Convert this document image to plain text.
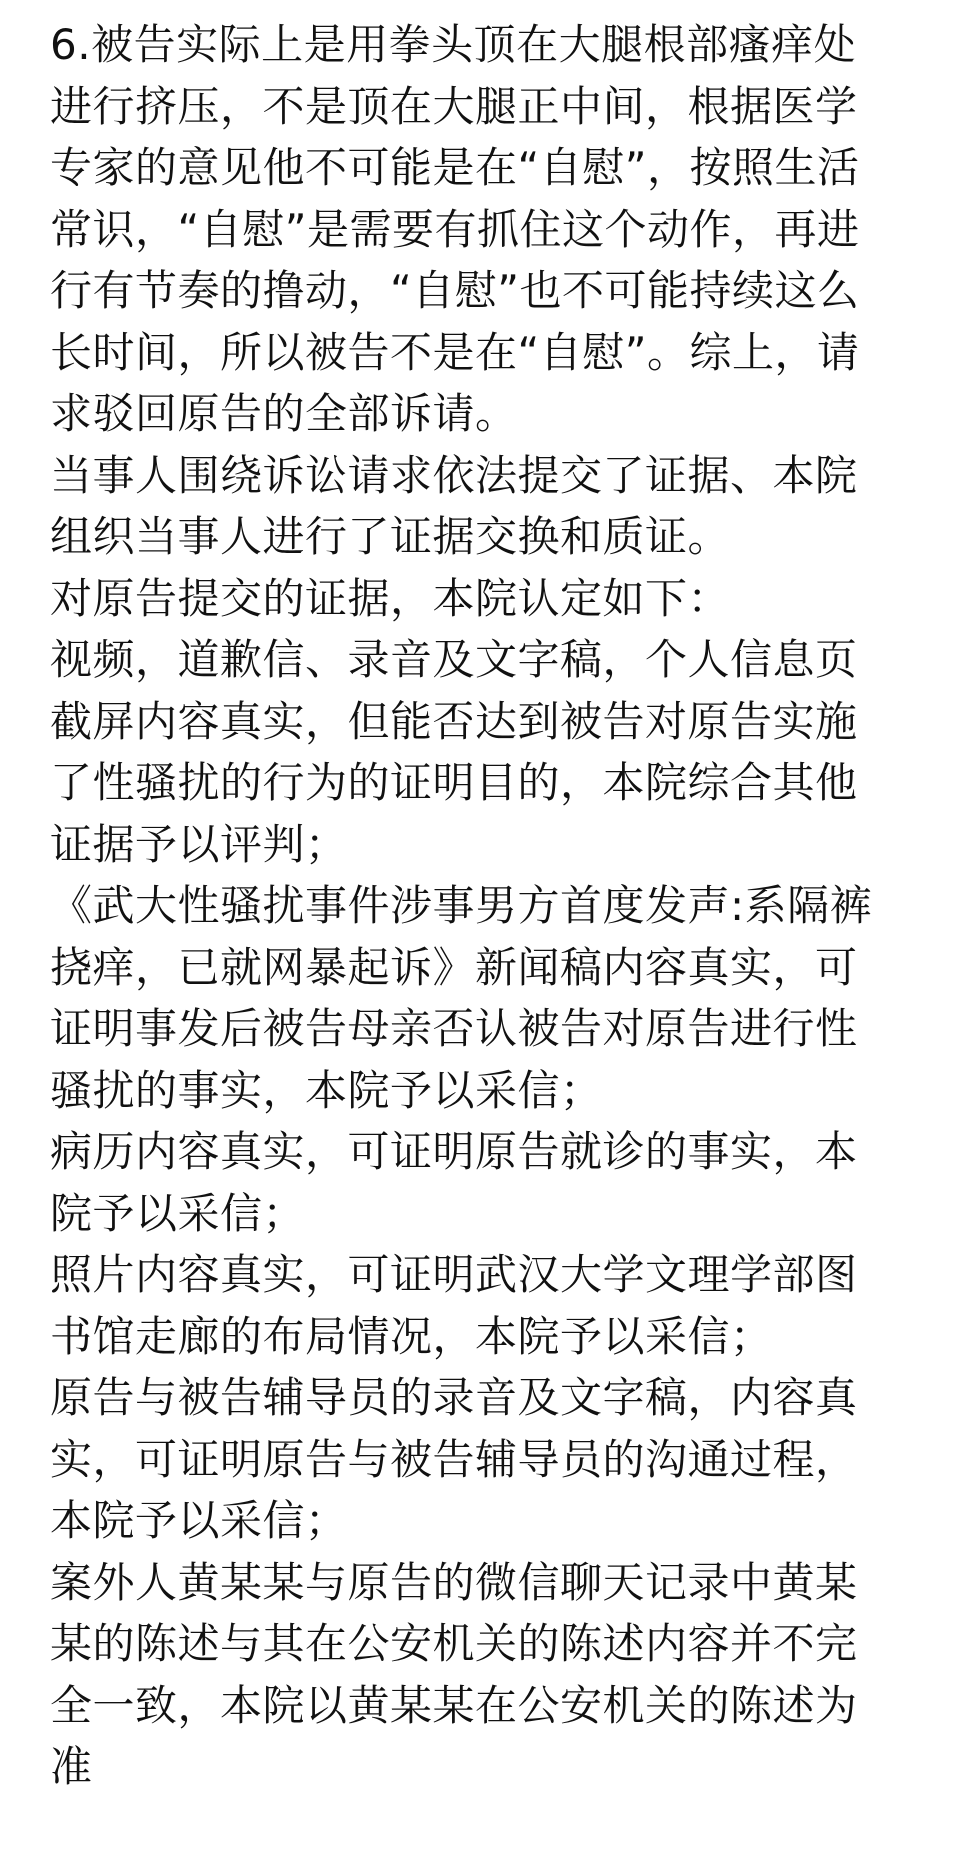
6.被告实际上是用拳头顶在大腿根部瘙痒处
进行挤压，不是顶在大腿正中间，根据医学
专家的意见他不可能是在“自慰”，按照生活
常识，“自慰”是需要有抓住这个动作，再进
行有节奏的撸动，“自慰”也不可能持续这么
长时间，所以被告不是在“自慰”。综上，请
求驳回原告的全部诉请。

当事人围绕诉讼请求依法提交了证据、本院
组织当事人进行了证据交换和质证。

对原告提交的证据，本院认定如下：

视频，道歉信、录音及文字稿，个人信息页
截屏内容真实，但能否达到被告对原告实施
了性骚扰的行为的证明目的，本院综合其他
证据予以评判；

《武大性骚扰事件涉事男方首度发声:系隔裤
挠痒，已就网暴起诉》新闻稿内容真实，可
证明事发后被告母亲否认被告对原告进行性
骚扰的事实，本院予以采信；

病历内容真实，可证明原告就诊的事实，本
院予以采信；

照片内容真实，可证明武汉大学文理学部图
书馆走廊的布局情况，本院予以采信；

原告与被告辅导员的录音及文字稿，内容真
实，可证明原告与被告辅导员的沟通过程，
本院予以采信；

案外人黄某某与原告的微信聊天记录中黄某
某的陈述与其在公安机关的陈述内容并不完
全一致，本院以黄某某在公安机关的陈述为
准
